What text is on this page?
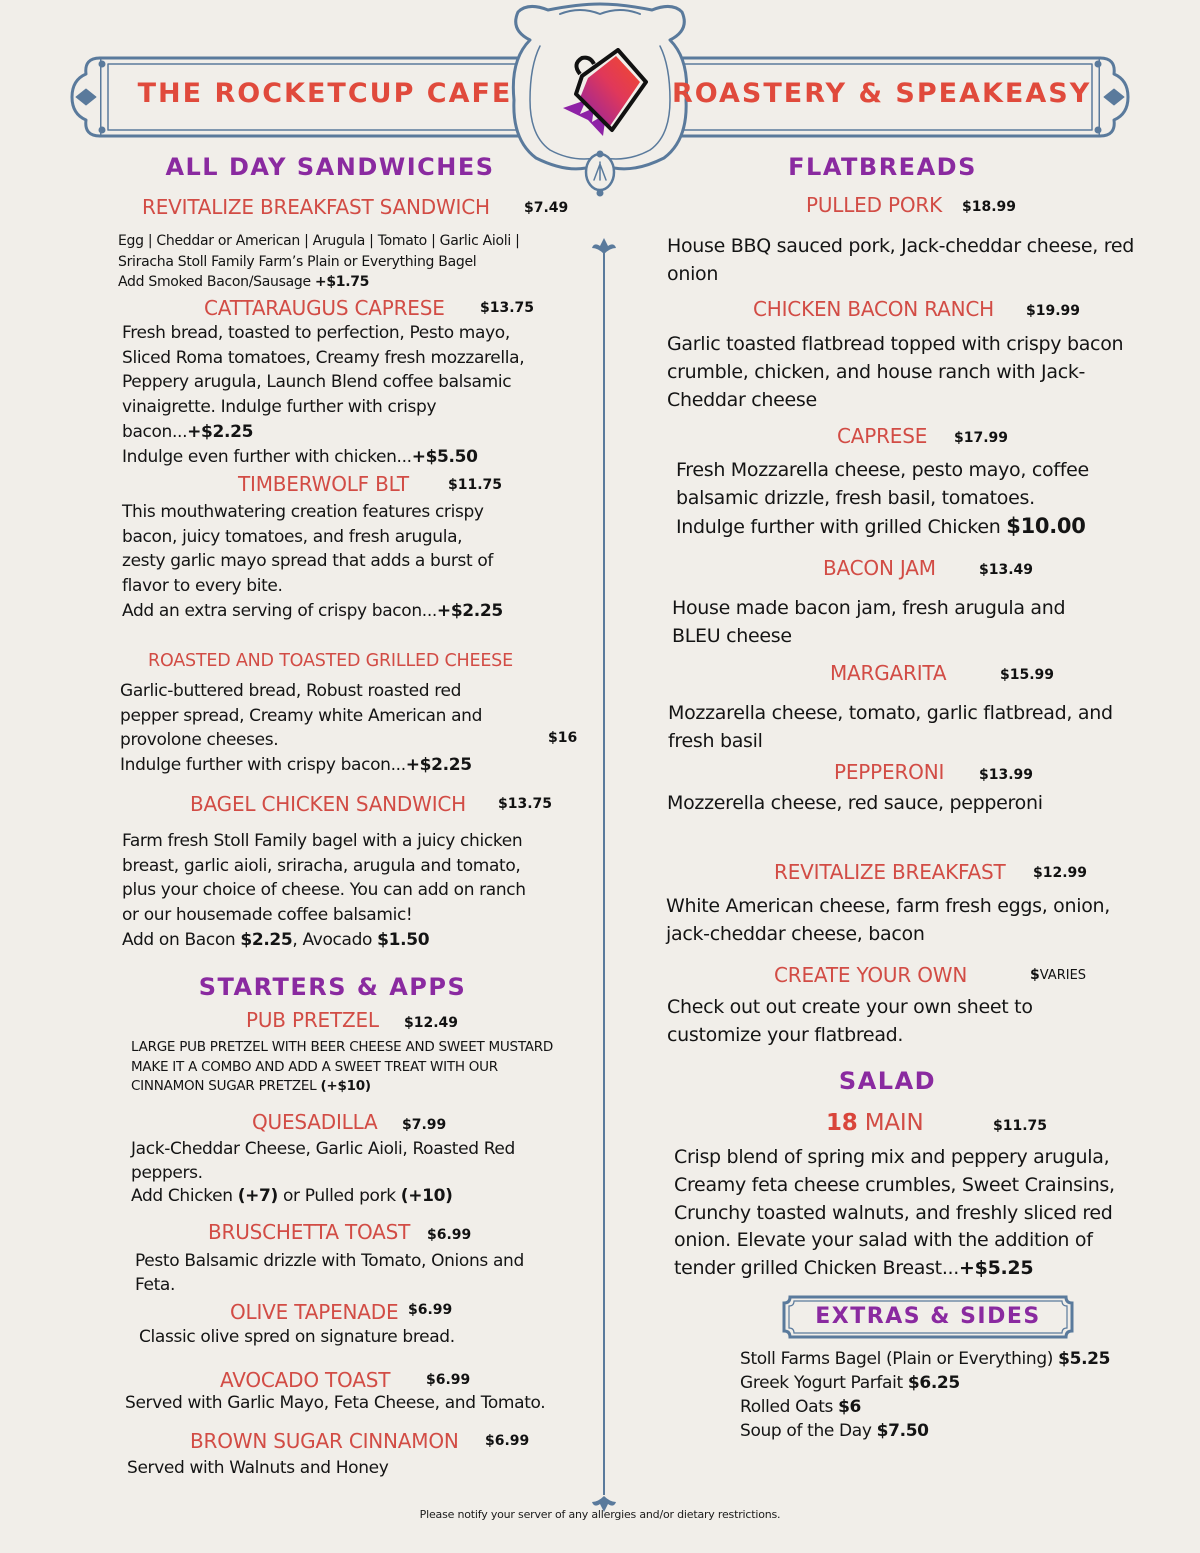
THE ROCKETCUP CAFE	ROASTERY & SPEAKEASY
ALL DAY SANDWICHES
REVITALIZE BREAKFAST SANDWICH $7.49
Egg | Cheddar or American | Arugula | Tomato | Garlic Aioli |
Sriracha Stoll Family Farm’s Plain or Everything Bagel
Add Smoked Bacon/Sausage +$1.75
CATTARAUGUS CAPRESE	$13.75
Fresh bread, toasted to perfection, Pesto mayo,
Sliced Roma tomatoes, Creamy fresh mozzarella,
Peppery arugula, Launch Blend coffee balsamic
vinaigrette. Indulge further with crispy
bacon...+$2.25
Indulge even further with chicken...+$5.50
TIMBERWOLF BLT	$11.75
This mouthwatering creation features crispy
bacon, juicy tomatoes, and fresh arugula,
zesty garlic mayo spread that adds a burst of
flavor to every bite.
Add an extra serving of crispy bacon...+$2.25
ROASTED AND TOASTED GRILLED CHEESE
$16
Garlic-buttered bread, Robust roasted red
pepper spread, Creamy white American and
provolone cheeses.
Indulge further with crispy bacon...+$2.25
BAGEL CHICKEN SANDWICH $13.75
Farm fresh Stoll Family bagel with a juicy chicken
breast, garlic aioli, sriracha, arugula and tomato,
plus your choice of cheese. You can add on ranch
or our housemade coffee balsamic!
Add on Bacon $2.25, Avocado $1.50
STARTERS & APPS
PUB PRETZEL $12.49
LARGE PUB PRETZEL WITH BEER CHEESE AND SWEET MUSTARD
MAKE IT A COMBO AND ADD A SWEET TREAT WITH OUR
CINNAMON SUGAR PRETZEL (+$10)
QUESADILLA $7.99
Jack-Cheddar Cheese, Garlic Aioli, Roasted Red
peppers.
Add Chicken (+7) or Pulled pork (+10)
BRUSCHETTA TOAST $6.99
Pesto Balsamic drizzle with Tomato, Onions and
Feta.
OLIVE TAPENADE $6.99
Classic olive spred on signature bread.
AVOCADO TOAST	$6.99
Served with Garlic Mayo, Feta Cheese, and Tomato.
BROWN SUGAR CINNAMON $6.99
Served with Walnuts and Honey
FLATBREADS
PULLED PORK $18.99
House BBQ sauced pork, Jack-cheddar cheese, red
onion
CHICKEN BACON RANCH $19.99
Garlic toasted flatbread topped with crispy bacon
crumble, chicken, and house ranch with Jack-
Cheddar cheese
CAPRESE $17.99
Fresh Mozzarella cheese, pesto mayo, coffee
balsamic drizzle, fresh basil, tomatoes.
Indulge further with grilled Chicken $10.00
BACON JAM	$13.49
House made bacon jam, fresh arugula and
BLEU cheese
MARGARITA	$15.99
Mozzarella cheese, tomato, garlic flatbread, and
fresh basil
PEPPERONI $13.99
Mozzerella cheese, red sauce, pepperoni
REVITALIZE BREAKFAST $12.99
White American cheese, farm fresh eggs, onion,
jack-cheddar cheese, bacon
CREATE YOUR OWN	$VARIES
Check out out create your own sheet to
customize your flatbread.
SALAD
18 MAIN	$11.75
Crisp blend of spring mix and peppery arugula,
Creamy feta cheese crumbles, Sweet Crainsins,
Crunchy toasted walnuts, and freshly sliced red
onion. Elevate your salad with the addition of
tender grilled Chicken Breast...+$5.25
EXTRAS & SIDES
Stoll Farms Bagel (Plain or Everything) $5.25
Greek Yogurt Parfait $6.25
Rolled Oats $6
Soup of the Day $7.50
Please notify your server of any allergies and/or dietary restrictions.
